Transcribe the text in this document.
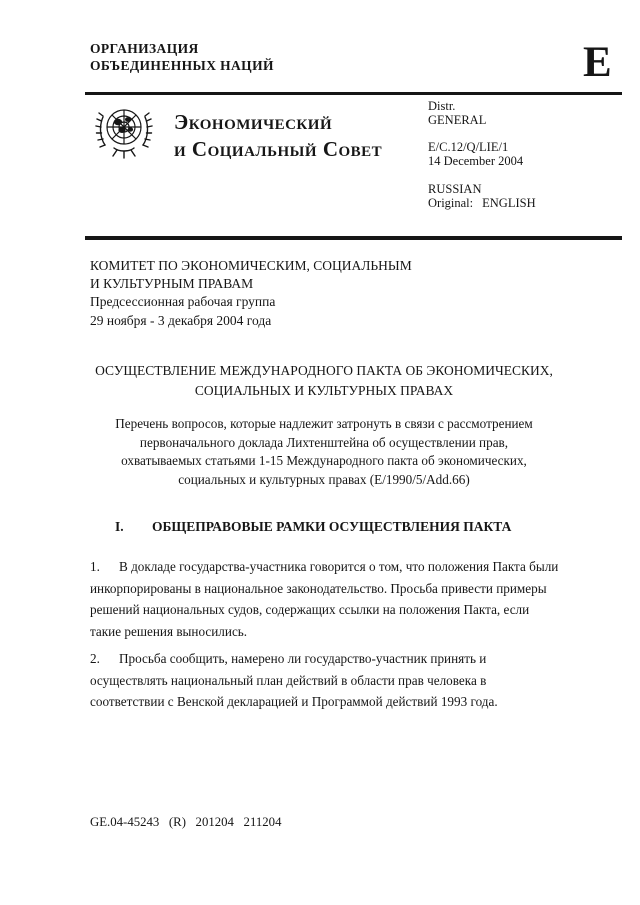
ОРГАНИЗАЦИЯ
ОБЪЕДИНЕННЫХ НАЦИЙ	E
Экономический
и Социальный Совет
Distr.
GENERAL
E/C.12/Q/LIE/1
14 December 2004
RUSSIAN
Original: ENGLISH
КОМИТЕТ ПО ЭКОНОМИЧЕСКИМ, СОЦИАЛЬНЫМ
И КУЛЬТУРНЫМ ПРАВАМ
Предсессионная рабочая группа
29 ноября - 3 декабря 2004 года
ОСУЩЕСТВЛЕНИЕ МЕЖДУНАРОДНОГО ПАКТА ОБ ЭКОНОМИЧЕСКИХ,
СОЦИАЛЬНЫХ И КУЛЬТУРНЫХ ПРАВАХ
Перечень вопросов, которые надлежит затронуть в связи с рассмотрением
первоначального доклада Лихтенштейна об осуществлении прав,
охватываемых статьями 1-15 Международного пакта об экономических,
социальных и культурных правах (E/1990/5/Add.66)
I. ОБЩЕПРАВОВЫЕ РАМКИ ОСУЩЕСТВЛЕНИЯ ПАКТА
1. В докладе государства-участника говорится о том, что положения Пакта были инкорпорированы в национальное законодательство. Просьба привести примеры решений национальных судов, содержащих ссылки на положения Пакта, если такие решения выносились.
2. Просьба сообщить, намерено ли государство-участник принять и осуществлять национальный план действий в области прав человека в соответствии с Венской декларацией и Программой действий 1993 года.
GE.04-45243   (R)   201204   211204
